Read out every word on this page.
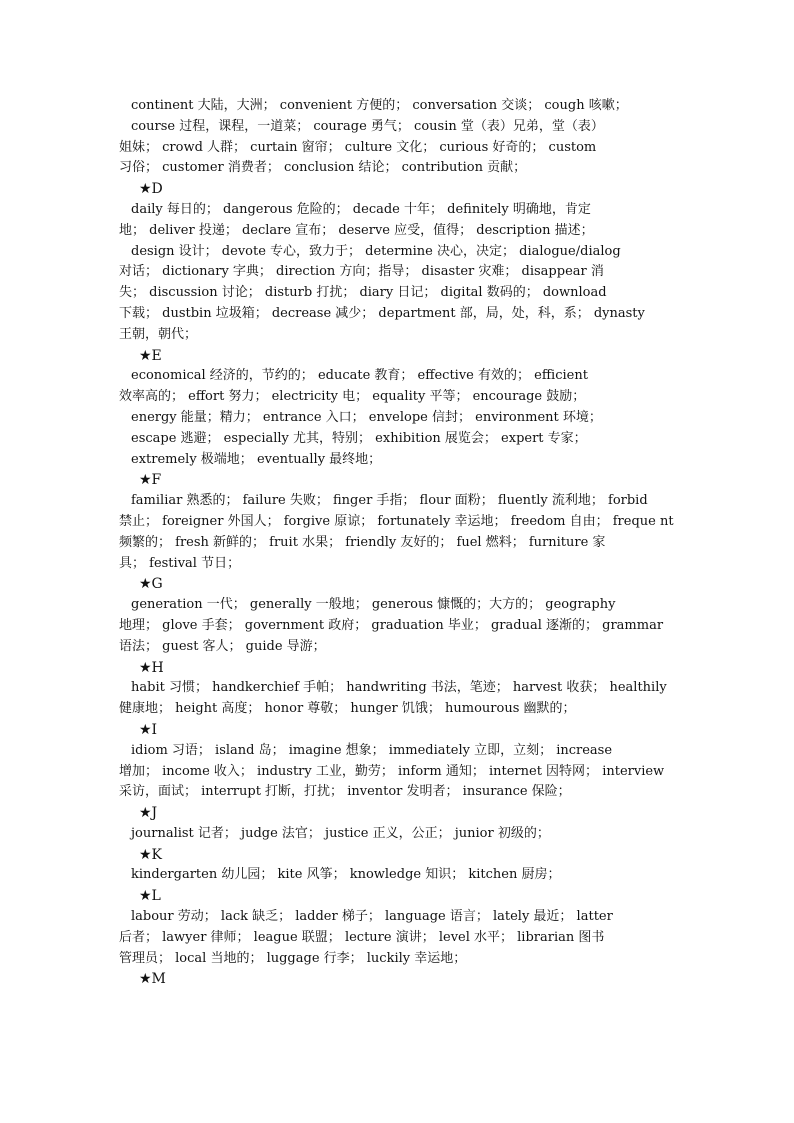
continent 大陆，大洲； convenient 方便的； conversation 交谈； cough 咳嗽；
course 过程，课程，一道菜； courage 勇气； cousin 堂（表）兄弟，堂（表）
姐妹； crowd 人群； curtain 窗帘； culture 文化； curious 好奇的； custom
习俗； customer 消费者； conclusion 结论； contribution 贡献；
★D
daily 每日的； dangerous 危险的； decade 十年； definitely 明确地，肯定
地； deliver 投递； declare 宣布； deserve 应受，值得； description 描述；
design 设计； devote 专心，致力于； determine 决心，决定； dialogue/dialog
对话； dictionary 字典； direction 方向；指导； disaster 灾难； disappear 消
失； discussion 讨论； disturb 打扰； diary 日记； digital 数码的； download
下载； dustbin 垃圾箱； decrease 减少； department 部，局，处，科，系； dynasty
王朝，朝代；
★E
economical 经济的，节约的； educate 教育； effective 有效的； efficient
效率高的； effort 努力； electricity 电； equality 平等； encourage 鼓励；
energy 能量；精力； entrance 入口； envelope 信封； environment 环境；
escape 逃避； especially 尤其，特别； exhibition 展览会； expert 专家；
extremely 极端地； eventually 最终地；
★F
familiar 熟悉的； failure 失败； finger 手指； flour 面粉； fluently 流利地； forbid
禁止； foreigner 外国人； forgive 原谅； fortunately 幸运地； freedom 自由； freque nt
频繁的； fresh 新鲜的； fruit 水果； friendly 友好的； fuel 燃料； furniture 家
具； festival 节日；
★G
generation 一代； generally 一般地； generous 慷慨的；大方的； geography
地理； glove 手套； government 政府； graduation 毕业； gradual 逐渐的； grammar
语法； guest 客人； guide 导游；
★H
habit 习惯； handkerchief 手帕； handwriting 书法，笔迹； harvest 收获； healthily
健康地； height 高度； honor 尊敬； hunger 饥饿； humourous 幽默的；
★I
idiom 习语； island 岛； imagine 想象； immediately 立即，立刻； increase
增加； income 收入； industry 工业，勤劳； inform 通知； internet 因特网； interview
采访，面试； interrupt 打断，打扰； inventor 发明者； insurance 保险；
★J
journalist 记者； judge 法官； justice 正义，公正； junior 初级的；
★K
kindergarten 幼儿园； kite 风筝； knowledge 知识； kitchen 厨房；
★L
labour 劳动； lack 缺乏； ladder 梯子； language 语言； lately 最近； latter
后者； lawyer 律师； league 联盟； lecture 演讲； level 水平； librarian 图书
管理员； local 当地的； luggage 行李； luckily 幸运地；
★M
